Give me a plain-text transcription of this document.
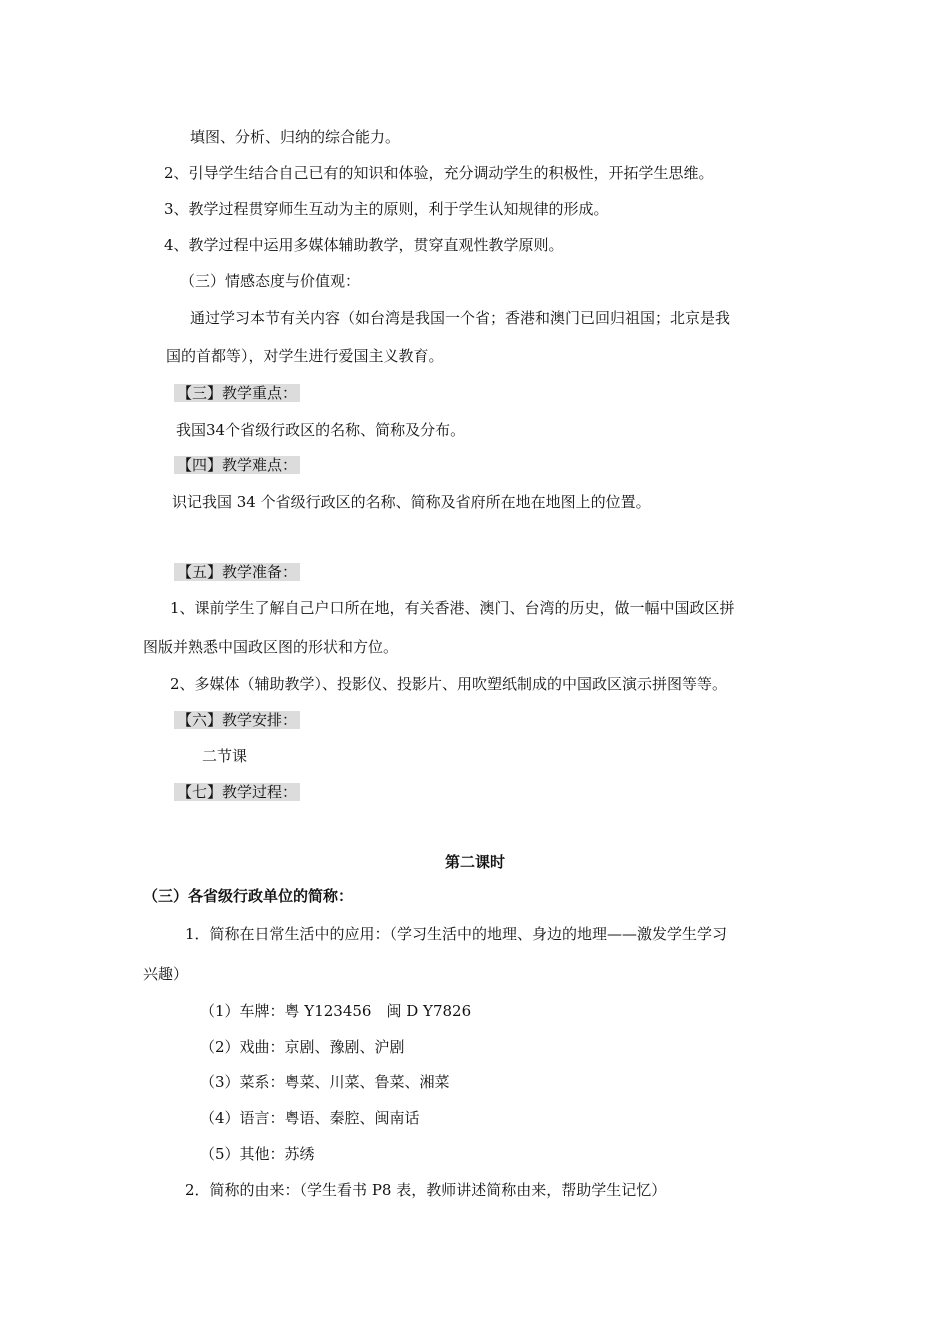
填图、分析、归纳的综合能力。
2、引导学生结合自己已有的知识和体验，充分调动学生的积极性，开拓学生思维。
3、教学过程贯穿师生互动为主的原则，利于学生认知规律的形成。
4、教学过程中运用多媒体辅助教学，贯穿直观性教学原则。
（三）情感态度与价值观：
通过学习本节有关内容（如台湾是我国一个省；香港和澳门已回归祖国；北京是我
国的首都等），对学生进行爱国主义教育。
【三】教学重点：
我国34个省级行政区的名称、简称及分布。
【四】教学难点：
识记我国 34 个省级行政区的名称、简称及省府所在地在地图上的位置。
【五】教学准备：
1、课前学生了解自己户口所在地，有关香港、澳门、台湾的历史，做一幅中国政区拼
图版并熟悉中国政区图的形状和方位。
2、多媒体（辅助教学）、投影仪、投影片、用吹塑纸制成的中国政区演示拼图等等。
【六】教学安排：
二节课
【七】教学过程：
第二课时
（三）各省级行政单位的简称：
1．简称在日常生活中的应用：（学习生活中的地理、身边的地理——激发学生学习
兴趣）
（1）车牌：粤 Y123456　闽 D Y7826
（2）戏曲：京剧、豫剧、沪剧
（3）菜系：粤菜、川菜、鲁菜、湘菜
（4）语言：粤语、秦腔、闽南话
（5）其他：苏绣
2．简称的由来：（学生看书 P8 表，教师讲述简称由来，帮助学生记忆）
